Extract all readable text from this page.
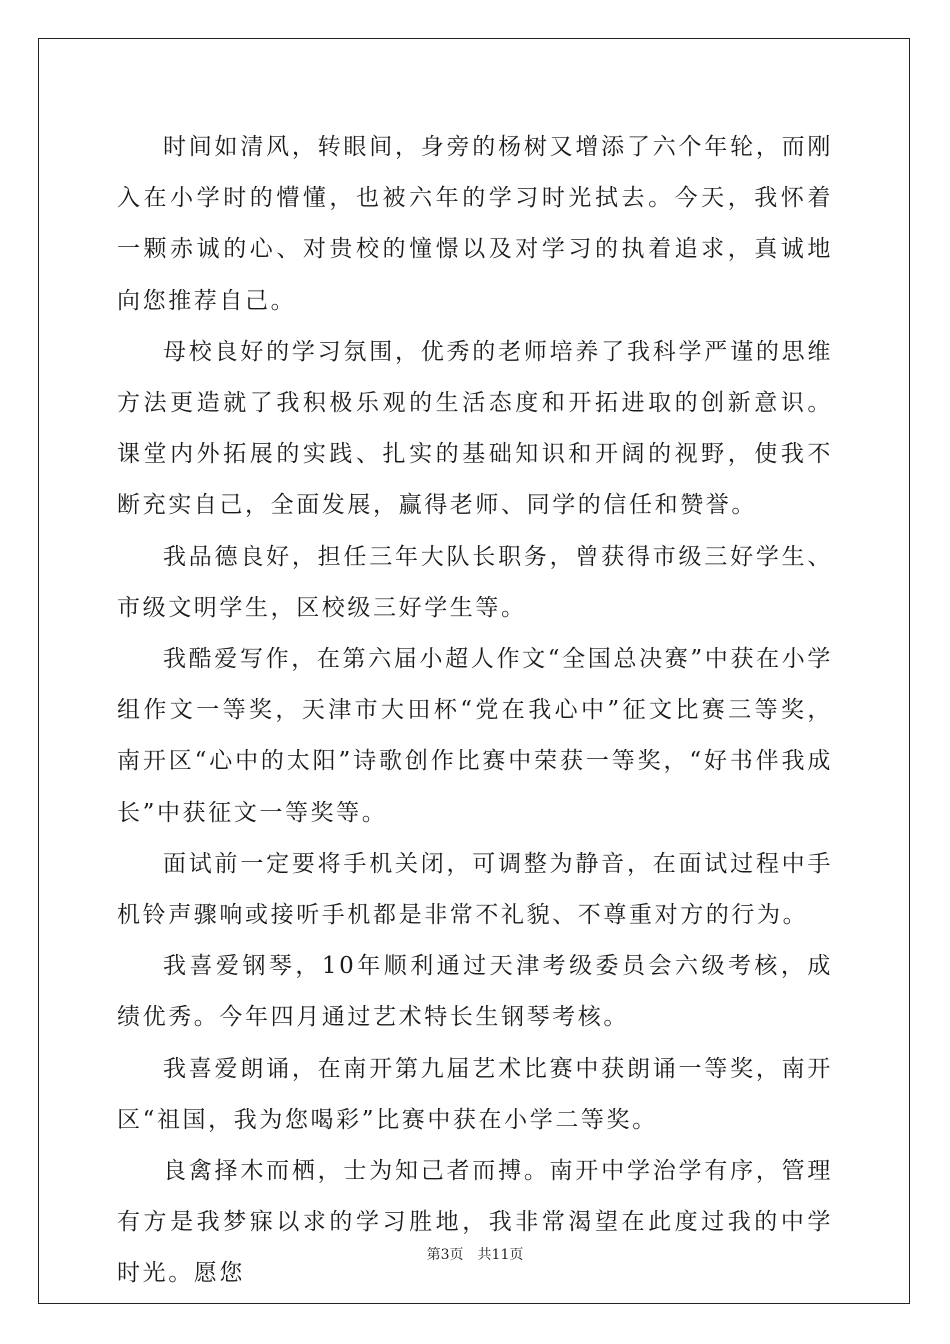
时间如清风，转眼间，身旁的杨树又增添了六个年轮，而刚入在小学时的懵懂，也被六年的学习时光拭去。今天，我怀着一颗赤诚的心、对贵校的憧憬以及对学习的执着追求，真诚地向您推荐自己。

母校良好的学习氛围，优秀的老师培养了我科学严谨的思维方法更造就了我积极乐观的生活态度和开拓进取的创新意识。课堂内外拓展的实践、扎实的基础知识和开阔的视野，使我不断充实自己，全面发展，赢得老师、同学的信任和赞誉。

我品德良好，担任三年大队长职务，曾获得市级三好学生、市级文明学生，区校级三好学生等。

我酷爱写作，在第六届小超人作文“全国总决赛”中获在小学组作文一等奖，天津市大田杯“党在我心中”征文比赛三等奖，南开区“心中的太阳”诗歌创作比赛中荣获一等奖，“好书伴我成长”中获征文一等奖等。

面试前一定要将手机关闭，可调整为静音，在面试过程中手机铃声骤响或接听手机都是非常不礼貌、不尊重对方的行为。

我喜爱钢琴，10年顺利通过天津考级委员会六级考核，成绩优秀。今年四月通过艺术特长生钢琴考核。

我喜爱朗诵，在南开第九届艺术比赛中获朗诵一等奖，南开区“祖国，我为您喝彩”比赛中获在小学二等奖。

良禽择木而栖，士为知己者而搏。南开中学治学有序，管理有方是我梦寐以求的学习胜地，我非常渴望在此度过我的中学时光。愿您

第3页 共11页
